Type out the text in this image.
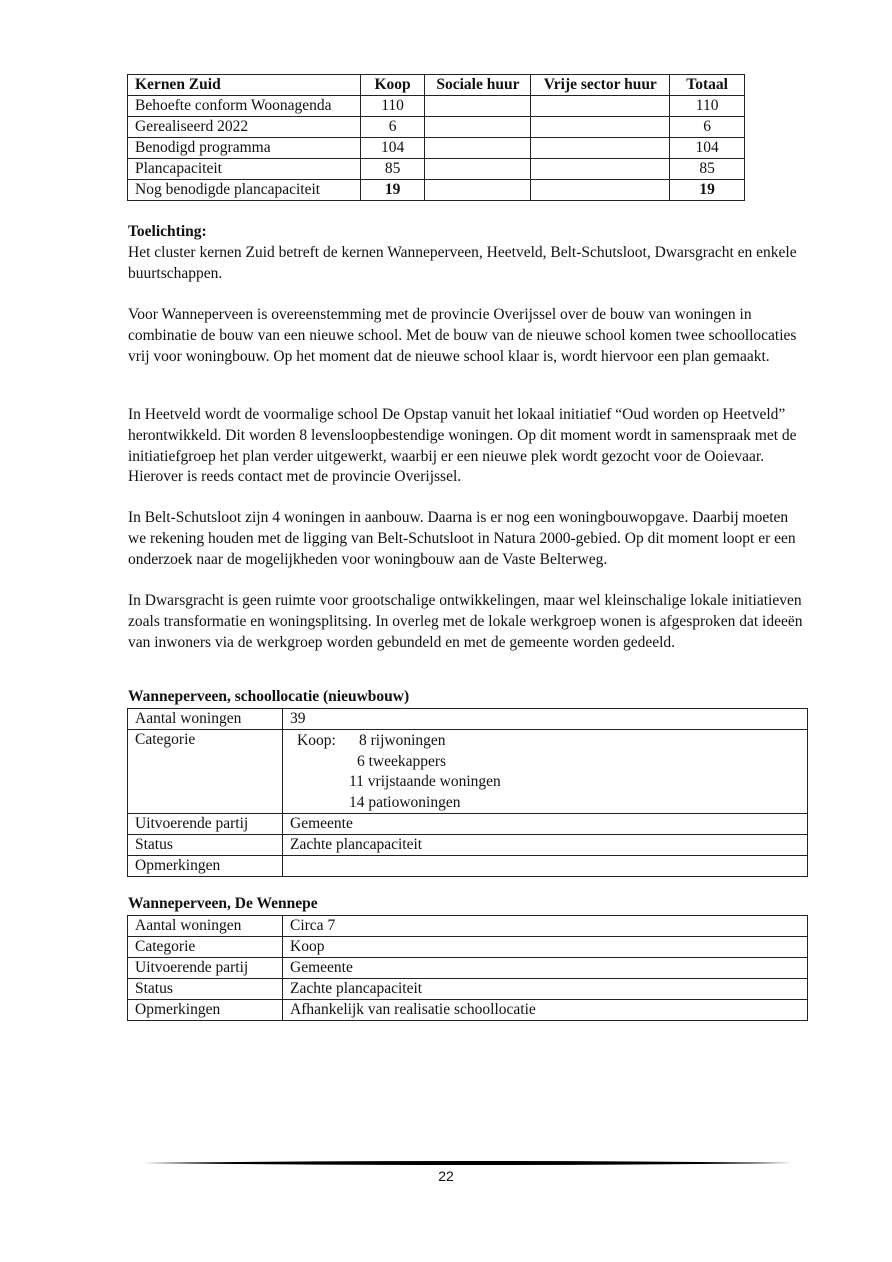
Kernen Zuid	Koop	Sociale huur	Vrije sector huur	Totaal
Behoefte conform Woonagenda	110			110
Gerealiseerd 2022	6			6
Benodigd programma	104			104
Plancapaciteit	85			85
Nog benodigde plancapaciteit	19			19
Toelichting:
Het cluster kernen Zuid betreft de kernen Wanneperveen, Heetveld, Belt-Schutsloot, Dwarsgracht en enkele buurtschappen.
Voor Wanneperveen is overeenstemming met de provincie Overijssel over de bouw van woningen in combinatie de bouw van een nieuwe school. Met de bouw van de nieuwe school komen twee schoollocaties vrij voor woningbouw. Op het moment dat de nieuwe school klaar is, wordt hiervoor een plan gemaakt.
In Heetveld wordt de voormalige school De Opstap vanuit het lokaal initiatief “Oud worden op Heetveld” herontwikkeld. Dit worden 8 levensloopbestendige woningen. Op dit moment wordt in samenspraak met de initiatiefgroep het plan verder uitgewerkt, waarbij er een nieuwe plek wordt gezocht voor de Ooievaar. Hierover is reeds contact met de provincie Overijssel.
In Belt-Schutsloot zijn 4 woningen in aanbouw. Daarna is er nog een woningbouwopgave. Daarbij moeten we rekening houden met de ligging van Belt-Schutsloot in Natura 2000-gebied. Op dit moment loopt er een onderzoek naar de mogelijkheden voor woningbouw aan de Vaste Belterweg.
In Dwarsgracht is geen ruimte voor grootschalige ontwikkelingen, maar wel kleinschalige lokale initiatieven zoals transformatie en woningsplitsing. In overleg met de lokale werkgroep wonen is afgesproken dat ideeën van inwoners via de werkgroep worden gebundeld en met de gemeente worden gedeeld.
Wanneperveen, schoollocatie (nieuwbouw)
Aantal woningen	39
Categorie	Koop: 8 rijwoningen
6 tweekappers
11 vrijstaande woningen
14 patiowoningen

Uitvoerende partij	Gemeente
Status	Zachte plancapaciteit
Opmerkingen	
Wanneperveen, De Wennepe
Aantal woningen	Circa 7
Categorie	Koop
Uitvoerende partij	Gemeente
Status	Zachte plancapaciteit
Opmerkingen	Afhankelijk van realisatie schoollocatie
22
